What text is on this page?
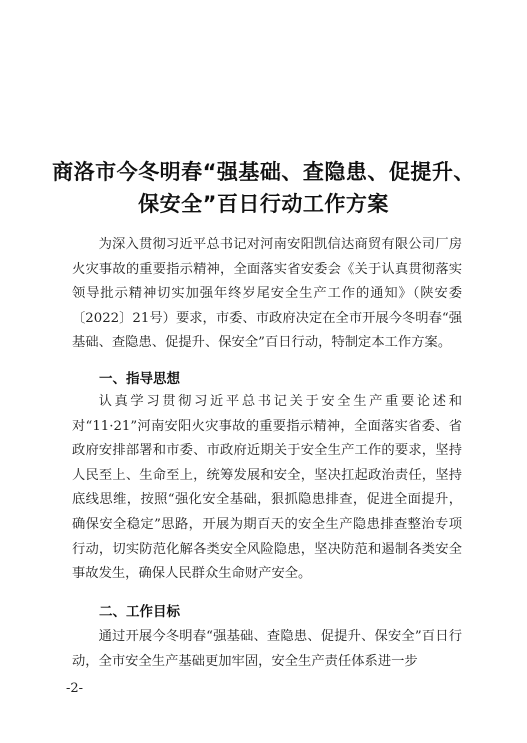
商洛市今冬明春“强基础、查隐患、促提升、
保安全”百日行动工作方案

为深入贯彻习近平总书记对河南安阳凯信达商贸有限公司厂房火灾事故的重要指示精神，全面落实省安委会《关于认真贯彻落实领导批示精神切实加强年终岁尾安全生产工作的通知》（陕安委〔2022〕21号）要求，市委、市政府决定在全市开展今冬明春“强基础、查隐患、促提升、保安全”百日行动，特制定本工作方案。

一、指导思想

认真学习贯彻习近平总书记关于安全生产重要论述和对“11·21”河南安阳火灾事故的重要指示精神，全面落实省委、省政府安排部署和市委、市政府近期关于安全生产工作的要求，坚持人民至上、生命至上，统筹发展和安全，坚决扛起政治责任，坚持底线思维，按照“强化安全基础，狠抓隐患排查，促进全面提升，确保安全稳定”思路，开展为期百天的安全生产隐患排查整治专项行动，切实防范化解各类安全风险隐患，坚决防范和遏制各类安全事故发生，确保人民群众生命财产安全。

二、工作目标

通过开展今冬明春“强基础、查隐患、促提升、保安全”百日行动，全市安全生产基础更加牢固，安全生产责任体系进一步

-2-
